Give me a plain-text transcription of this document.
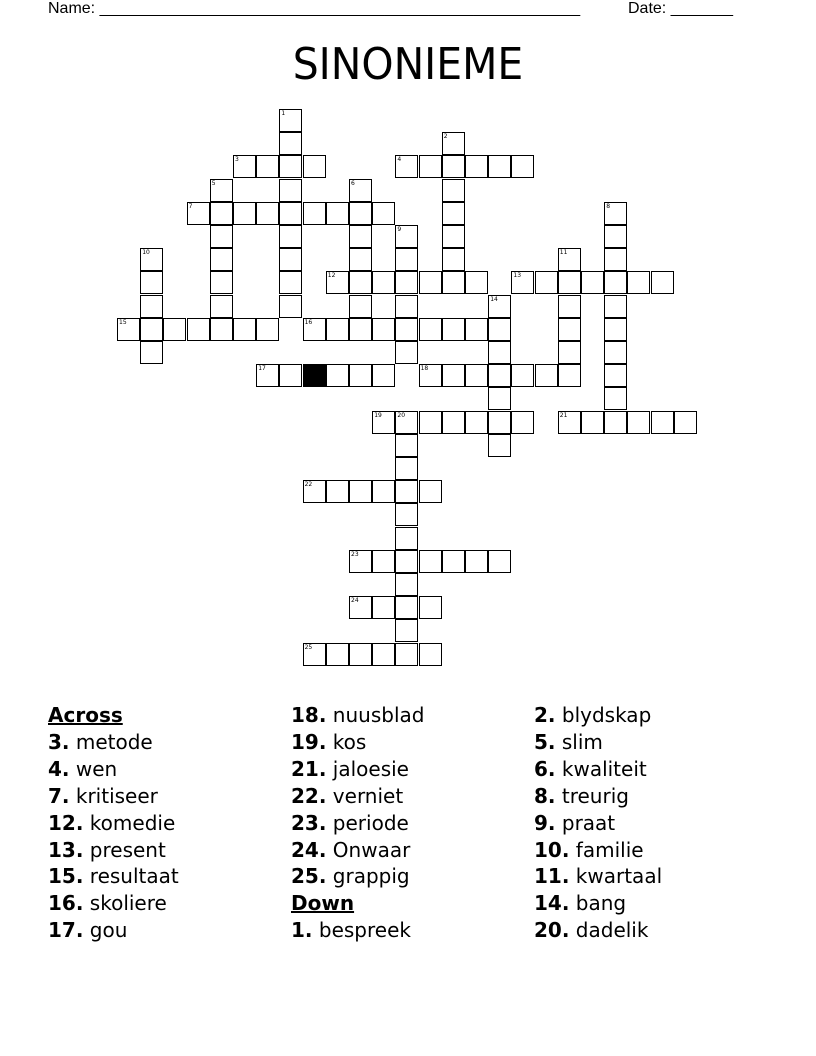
Name: ______________________________________________________	Date: _______
SINONIEME
1
2
3	4
5	6
7	8
9
10	11
12	13
14
15	16
17	18
19	20	21
22
23
24
25
Across
3. metode
4. wen
7. kritiseer
12. komedie
13. present
15. resultaat
16. skoliere
17. gou
18. nuusblad
19. kos
21. jaloesie
22. verniet
23. periode
24. Onwaar
25. grappig
Down
1. bespreek
2. blydskap
5. slim
6. kwaliteit
8. treurig
9. praat
10. familie
11. kwartaal
14. bang
20. dadelik
